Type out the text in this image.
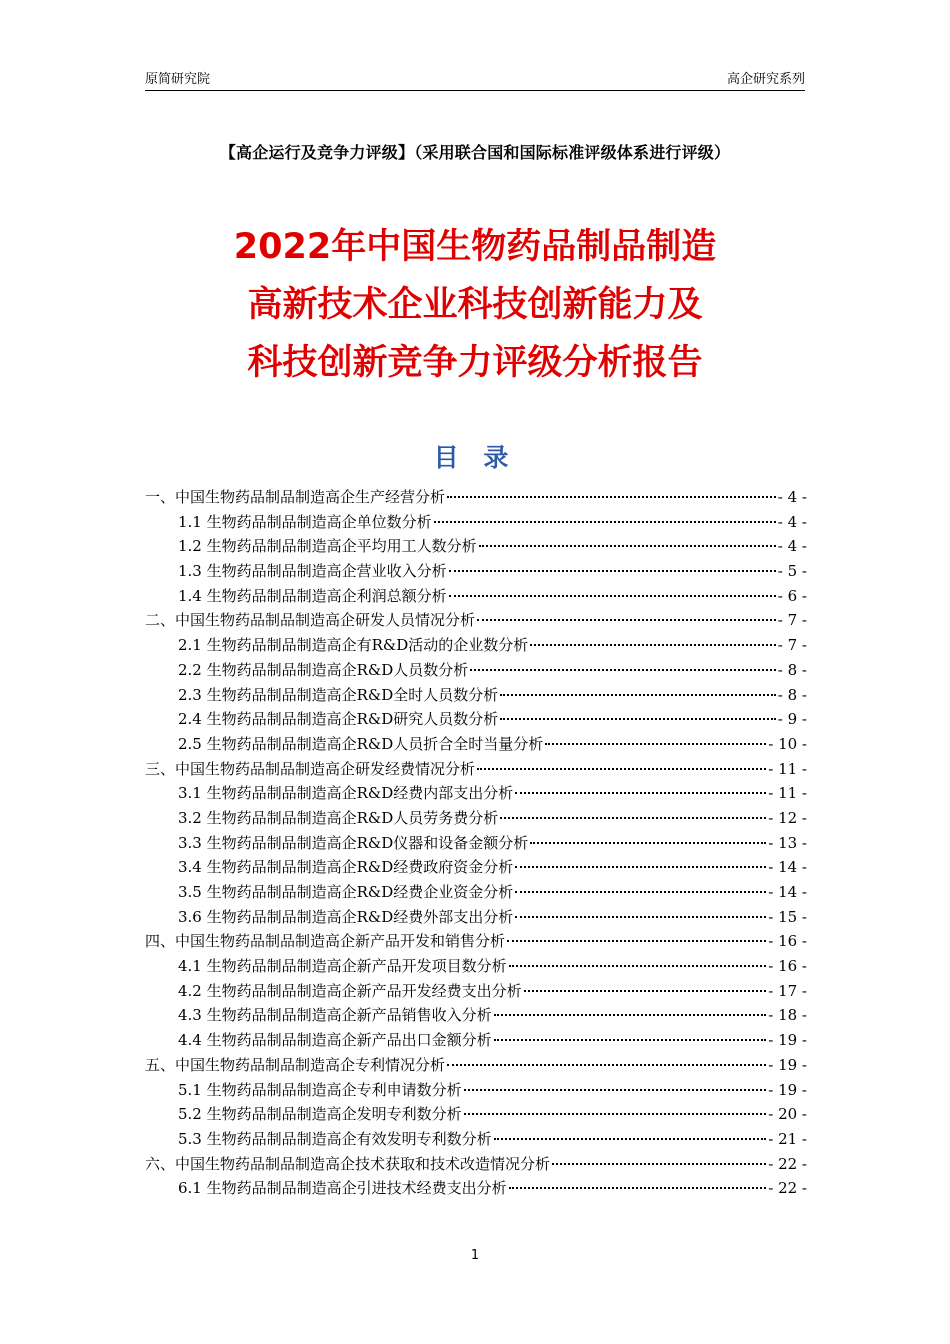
原简研究院	高企研究系列
【高企运行及竞争力评级】（采用联合国和国际标准评级体系进行评级）
2022年中国生物药品制品制造
高新技术企业科技创新能力及
科技创新竞争力评级分析报告
目 录
一、中国生物药品制品制造高企生产经营分析	- 4 -
1.1 生物药品制品制造高企单位数分析	- 4 -
1.2 生物药品制品制造高企平均用工人数分析	- 4 -
1.3 生物药品制品制造高企营业收入分析	- 5 -
1.4 生物药品制品制造高企利润总额分析	- 6 -
二、中国生物药品制品制造高企研发人员情况分析	- 7 -
2.1 生物药品制品制造高企有R&D活动的企业数分析	- 7 -
2.2 生物药品制品制造高企R&D人员数分析	- 8 -
2.3 生物药品制品制造高企R&D全时人员数分析	- 8 -
2.4 生物药品制品制造高企R&D研究人员数分析	- 9 -
2.5 生物药品制品制造高企R&D人员折合全时当量分析	- 10 -
三、中国生物药品制品制造高企研发经费情况分析	- 11 -
3.1 生物药品制品制造高企R&D经费内部支出分析	- 11 -
3.2 生物药品制品制造高企R&D人员劳务费分析	- 12 -
3.3 生物药品制品制造高企R&D仪器和设备金额分析	- 13 -
3.4 生物药品制品制造高企R&D经费政府资金分析	- 14 -
3.5 生物药品制品制造高企R&D经费企业资金分析	- 14 -
3.6 生物药品制品制造高企R&D经费外部支出分析	- 15 -
四、中国生物药品制品制造高企新产品开发和销售分析	- 16 -
4.1 生物药品制品制造高企新产品开发项目数分析	- 16 -
4.2 生物药品制品制造高企新产品开发经费支出分析	- 17 -
4.3 生物药品制品制造高企新产品销售收入分析	- 18 -
4.4 生物药品制品制造高企新产品出口金额分析	- 19 -
五、中国生物药品制品制造高企专利情况分析	- 19 -
5.1 生物药品制品制造高企专利申请数分析	- 19 -
5.2 生物药品制品制造高企发明专利数分析	- 20 -
5.3 生物药品制品制造高企有效发明专利数分析	- 21 -
六、中国生物药品制品制造高企技术获取和技术改造情况分析	- 22 -
6.1 生物药品制品制造高企引进技术经费支出分析	- 22 -
1
